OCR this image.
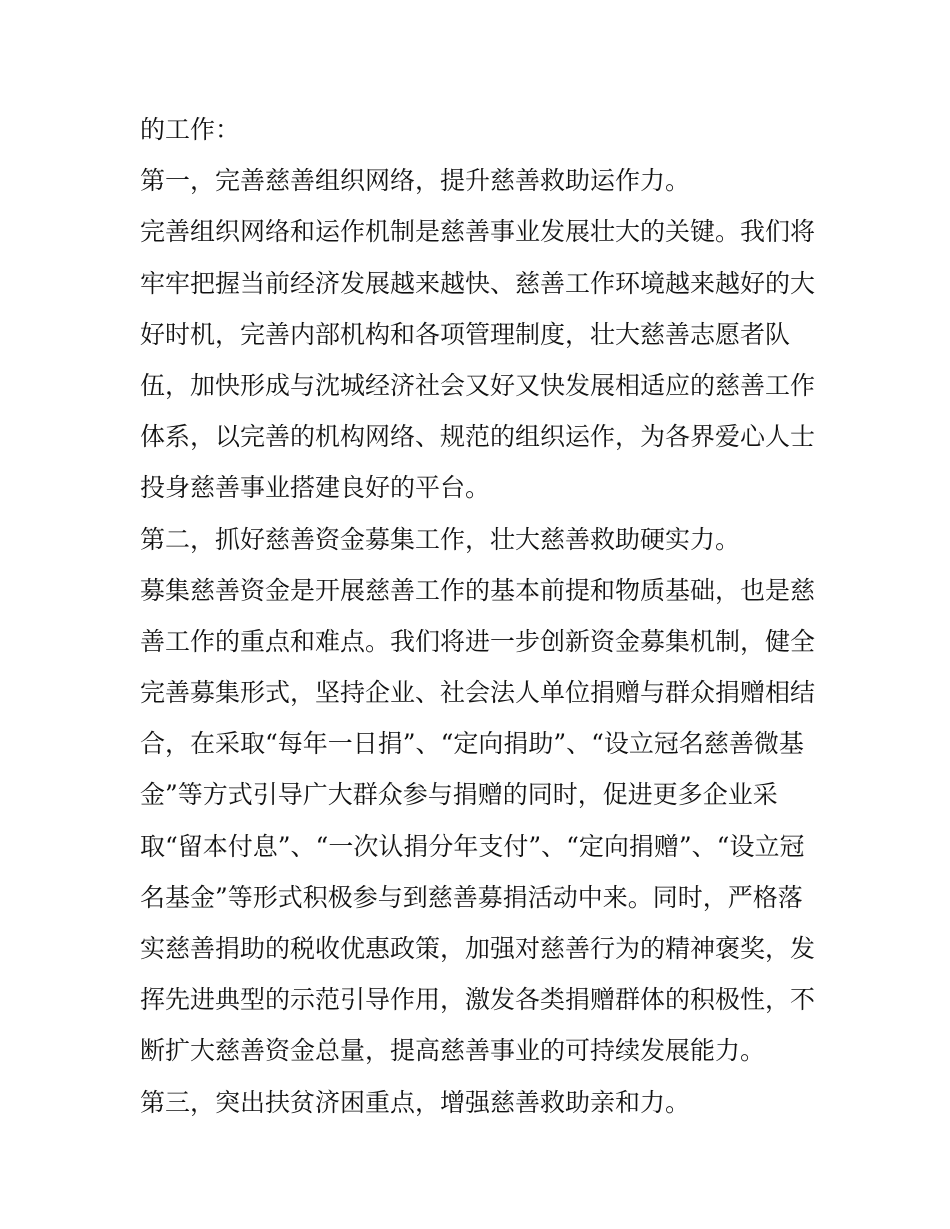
的工作：
第一，完善慈善组织网络，提升慈善救助运作力。
完善组织网络和运作机制是慈善事业发展壮大的关键。我们将
牢牢把握当前经济发展越来越快、慈善工作环境越来越好的大
好时机，完善内部机构和各项管理制度，壮大慈善志愿者队
伍，加快形成与沈城经济社会又好又快发展相适应的慈善工作
体系，以完善的机构网络、规范的组织运作，为各界爱心人士
投身慈善事业搭建良好的平台。
第二，抓好慈善资金募集工作，壮大慈善救助硬实力。
募集慈善资金是开展慈善工作的基本前提和物质基础，也是慈
善工作的重点和难点。我们将进一步创新资金募集机制，健全
完善募集形式，坚持企业、社会法人单位捐赠与群众捐赠相结
合，在采取“每年一日捐”、“定向捐助”、“设立冠名慈善微基
金”等方式引导广大群众参与捐赠的同时，促进更多企业采
取“留本付息”、“一次认捐分年支付”、“定向捐赠”、“设立冠
名基金”等形式积极参与到慈善募捐活动中来。同时，严格落
实慈善捐助的税收优惠政策，加强对慈善行为的精神褒奖，发
挥先进典型的示范引导作用，激发各类捐赠群体的积极性，不
断扩大慈善资金总量，提高慈善事业的可持续发展能力。
第三，突出扶贫济困重点，增强慈善救助亲和力。
